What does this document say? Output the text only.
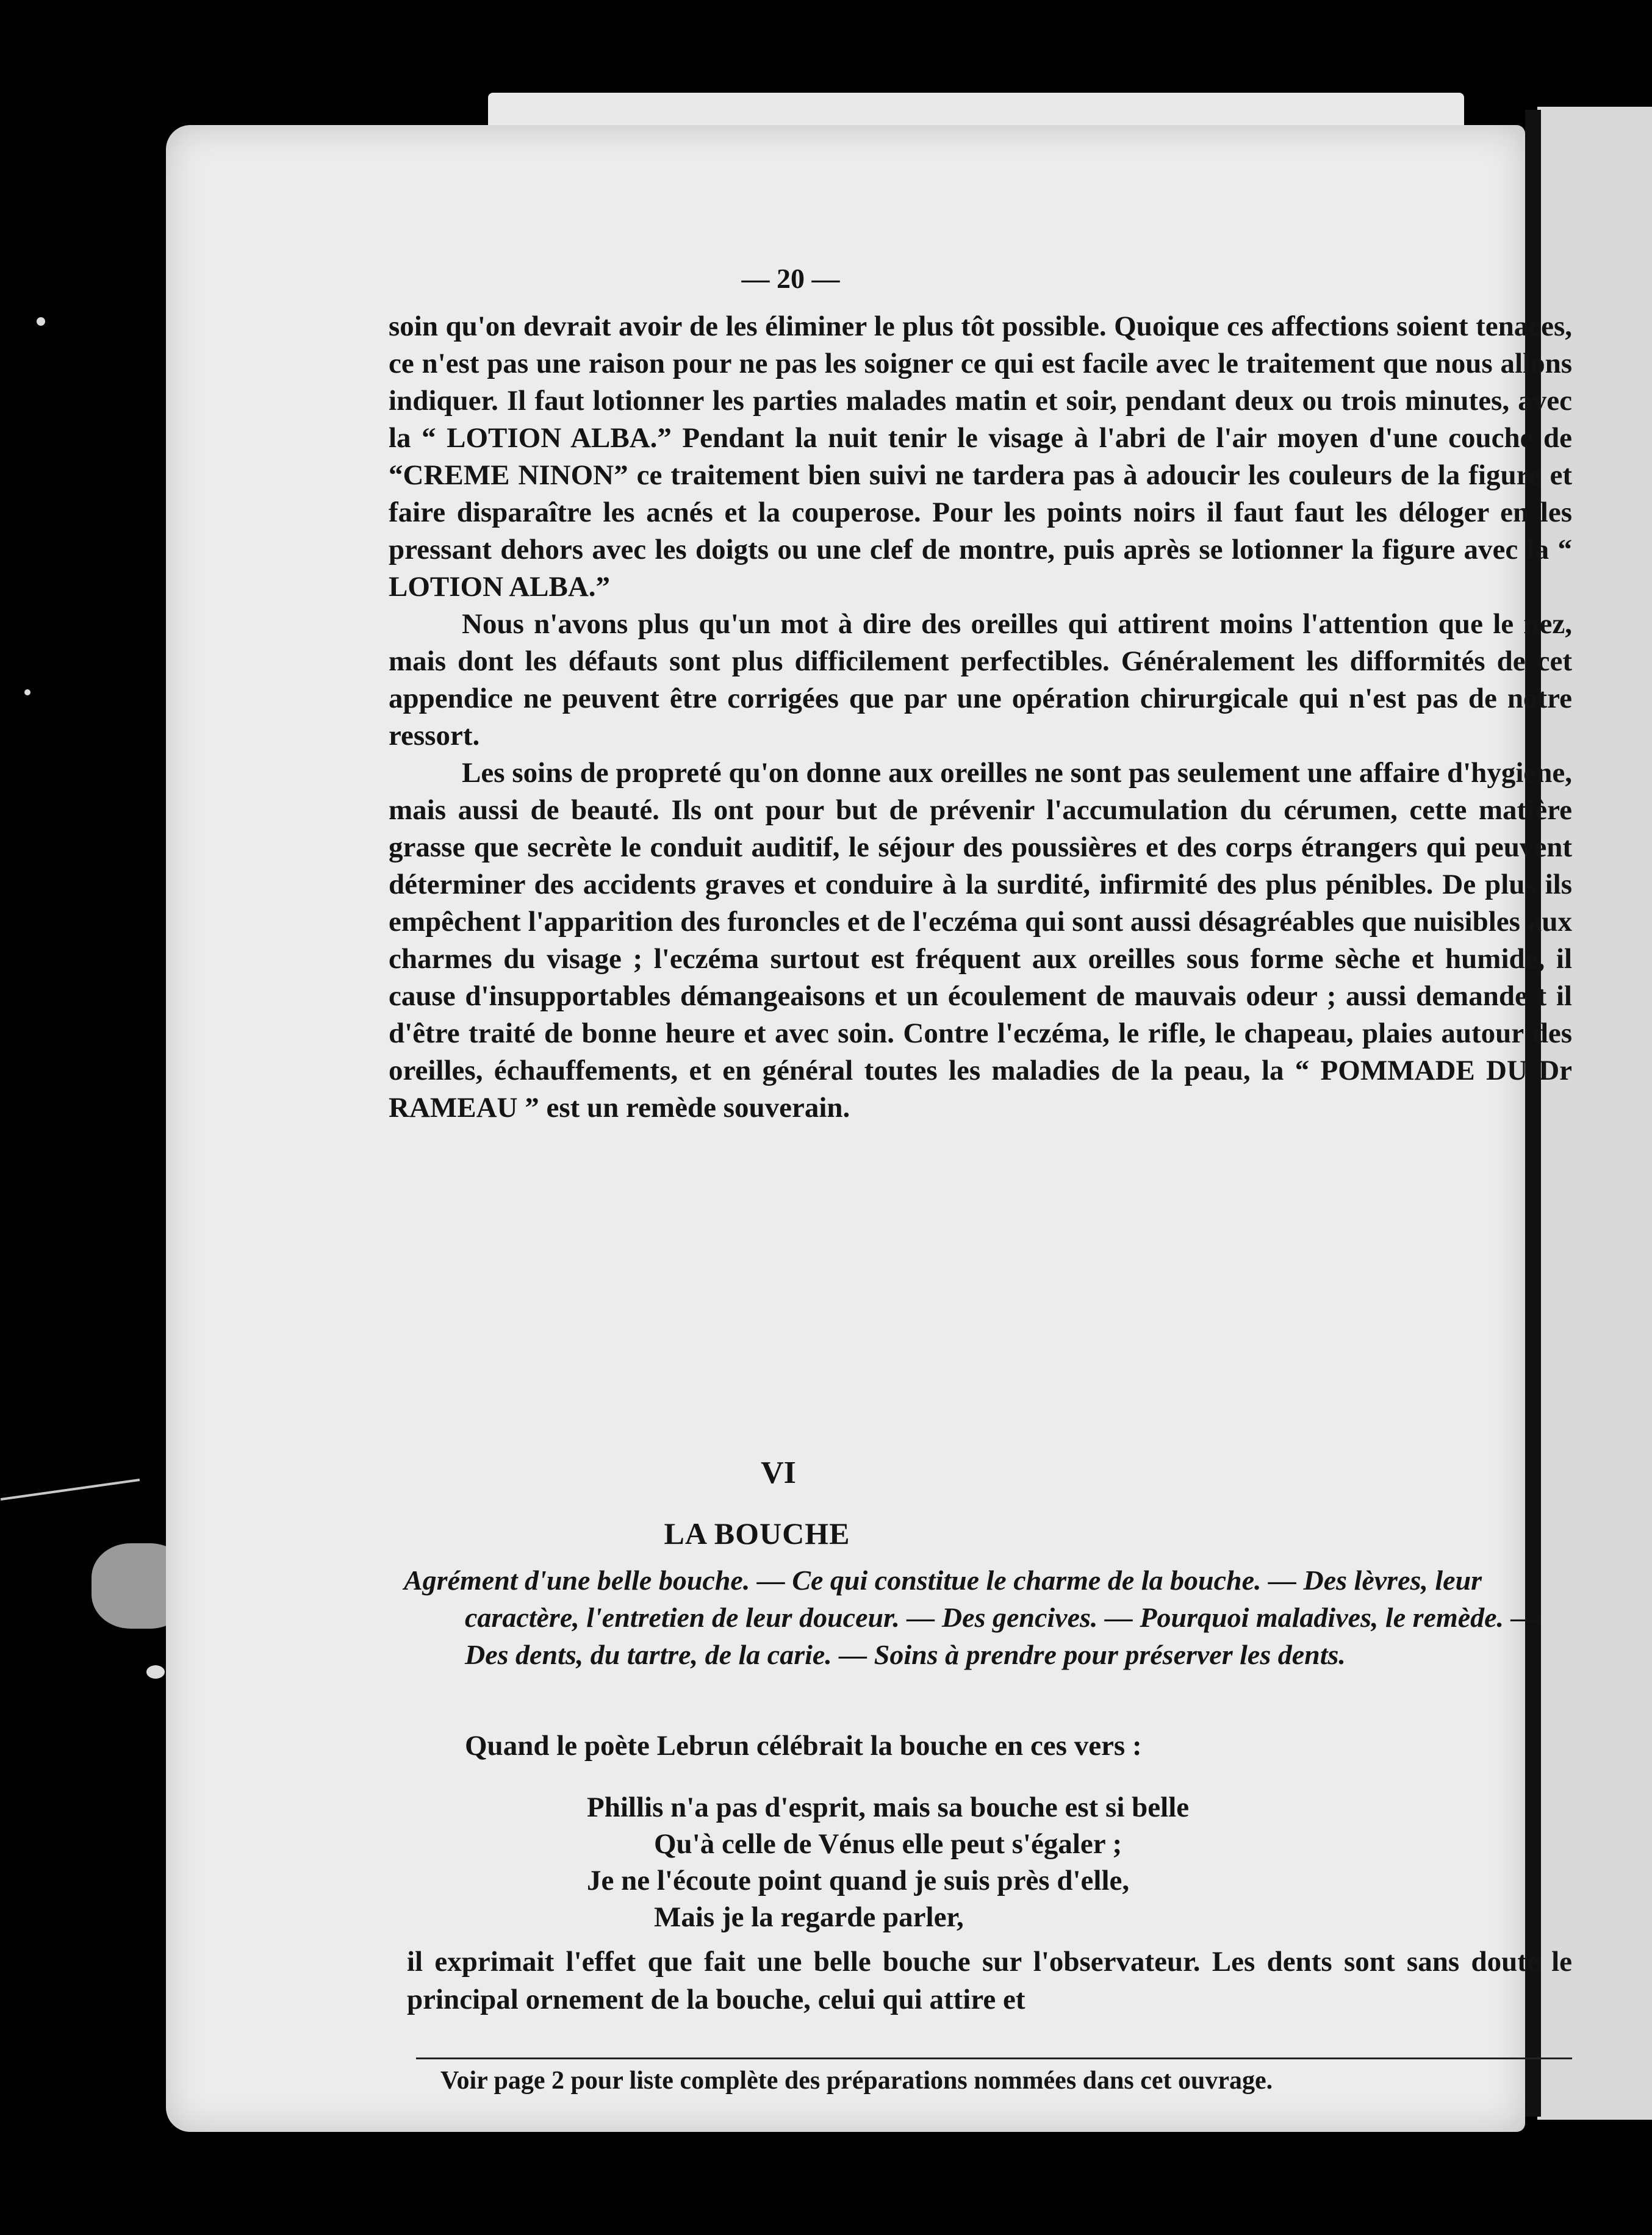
— 20 —

soin qu'on devrait avoir de les éliminer le plus tôt possible. Quoique ces affections soient tenaces, ce n'est pas une raison pour ne pas les soigner ce qui est facile avec le traitement que nous allons indiquer. Il faut lotionner les parties malades matin et soir, pendant deux ou trois minutes, avec la “ LOTION ALBA.” Pendant la nuit tenir le visage à l'abri de l'air moyen d'une couche de “CREME NINON” ce traitement bien suivi ne tardera pas à adoucir les couleurs de la figure et faire disparaître les acnés et la couperose. Pour les points noirs il faut faut les déloger en les pressant dehors avec les doigts ou une clef de montre, puis après se lotionner la figure avec la “ LOTION ALBA.”

Nous n'avons plus qu'un mot à dire des oreilles qui attirent moins l'attention que le nez, mais dont les défauts sont plus difficilement perfectibles. Généralement les difformités de cet appendice ne peuvent être corrigées que par une opération chirurgicale qui n'est pas de notre ressort.

Les soins de propreté qu'on donne aux oreilles ne sont pas seulement une affaire d'hygiène, mais aussi de beauté. Ils ont pour but de prévenir l'accumulation du cérumen, cette matière grasse que secrète le conduit auditif, le séjour des poussières et des corps étrangers qui peuvent déterminer des accidents graves et conduire à la surdité, infirmité des plus pénibles. De plus ils empêchent l'apparition des furoncles et de l'eczéma qui sont aussi désagréables que nuisibles aux charmes du visage ; l'eczéma surtout est fréquent aux oreilles sous forme sèche et humide, il cause d'insupportables démangeaisons et un écoulement de mauvais odeur ; aussi demande-t il d'être traité de bonne heure et avec soin. Contre l'eczéma, le rifle, le chapeau, plaies autour des oreilles, échauffements, et en général toutes les maladies de la peau, la “ POMMADE DU Dr RAMEAU ” est un remède souverain.

VI
LA BOUCHE

Agrément d'une belle bouche. — Ce qui constitue le charme de la bouche. — Des lèvres, leur caractère, l'entretien de leur douceur. — Des gencives. — Pourquoi maladives, le remède. — Des dents, du tartre, de la carie. — Soins à prendre pour préserver les dents.

Quand le poète Lebrun célébrait la bouche en ces vers :
Phillis n'a pas d'esprit, mais sa bouche est si belle
Qu'à celle de Vénus elle peut s'égaler ;
Je ne l'écoute point quand je suis près d'elle,
Mais je la regarde parler,
il exprimait l'effet que fait une belle bouche sur l'observateur. Les dents sont sans doute le principal ornement de la bouche, celui qui attire et
Voir page 2 pour liste complète des préparations nommées dans cet ouvrage.
